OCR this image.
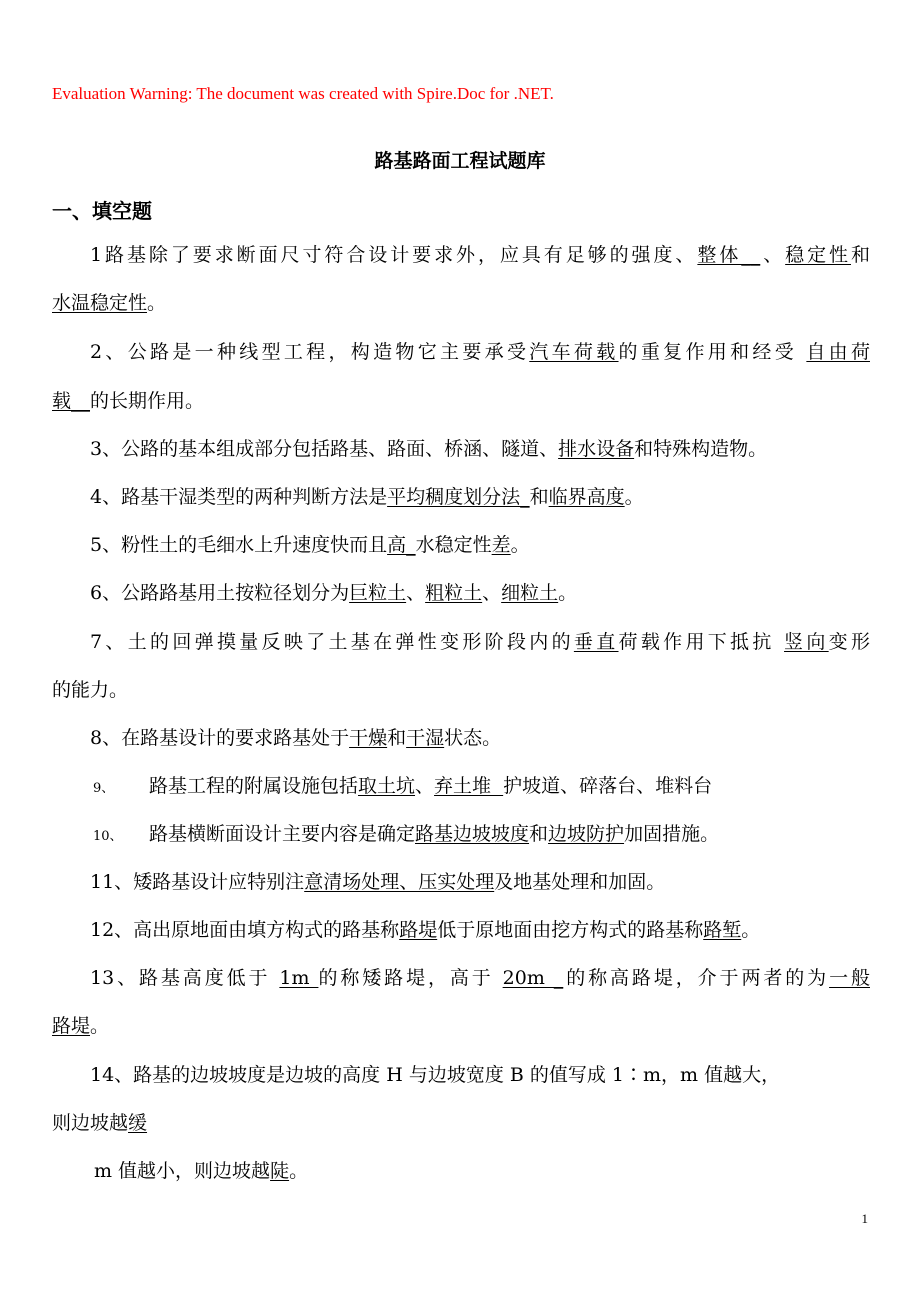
Evaluation Warning: The document was created with Spire.Doc for .NET.
路基路面工程试题库
一、填空题
1路基除了要求断面尺寸符合设计要求外，应具有足够的强度、整体__、稳定性和
水温稳定性。
2、公路是一种线型工程，构造物它主要承受汽车荷载的重复作用和经受 自由荷
载__的长期作用。
3、公路的基本组成部分包括路基、路面、桥涵、隧道、排水设备和特殊构造物。
4、路基干湿类型的两种判断方法是平均稠度划分法_和临界高度。
5、粉性土的毛细水上升速度快而且高_水稳定性差。
6、公路路基用土按粒径划分为巨粒土、粗粒土、细粒土。
7、土的回弹摸量反映了土基在弹性变形阶段内的垂直荷载作用下抵抗 竖向变形
的能力。
8、在路基设计的要求路基处于干燥和干湿状态。
9、 路基工程的附属设施包括取土坑、弃土堆  护坡道、碎落台、堆料台
10、 路基横断面设计主要内容是确定路基边坡坡度和边坡防护加固措施。
11、矮路基设计应特别注意清场处理、压实处理及地基处理和加固。
12、高出原地面由填方构式的路基称路堤低于原地面由挖方构式的路基称路堑。
13、路基高度低于 1m 的称矮路堤，高于 20m _的称高路堤，介于两者的为一般
路堤。
14、路基的边坡坡度是边坡的高度 H 与边坡宽度 B 的值写成 1∶m，m 值越大，
则边坡越缓
m 值越小，则边坡越陡。
1
